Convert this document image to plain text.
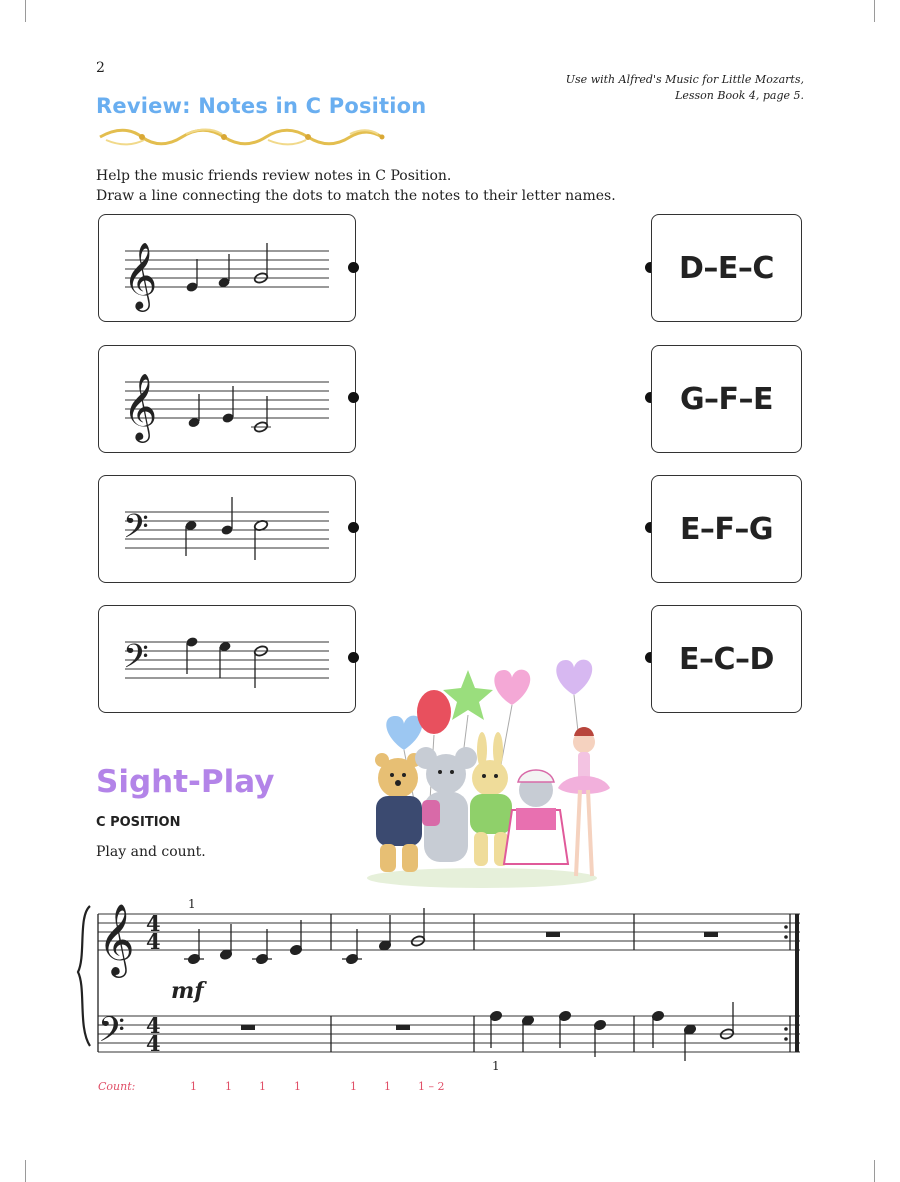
2
Use with Alfred's Music for Little Mozarts,
Lesson Book 4, page 5.
Review: Notes in C Position
Help the music friends review notes in C Position.
Draw a line connecting the dots to match the notes to their letter names.
𝄞
𝄞
𝄢
𝄢
D–E–C
G–F–E
E–F–G
E–C–D
Sight-Play
C POSITION
Play and count.
𝄞
𝄢
4
4
4
4
1
mf
1
Count:	1	1 1	1	1 1 1 – 2
